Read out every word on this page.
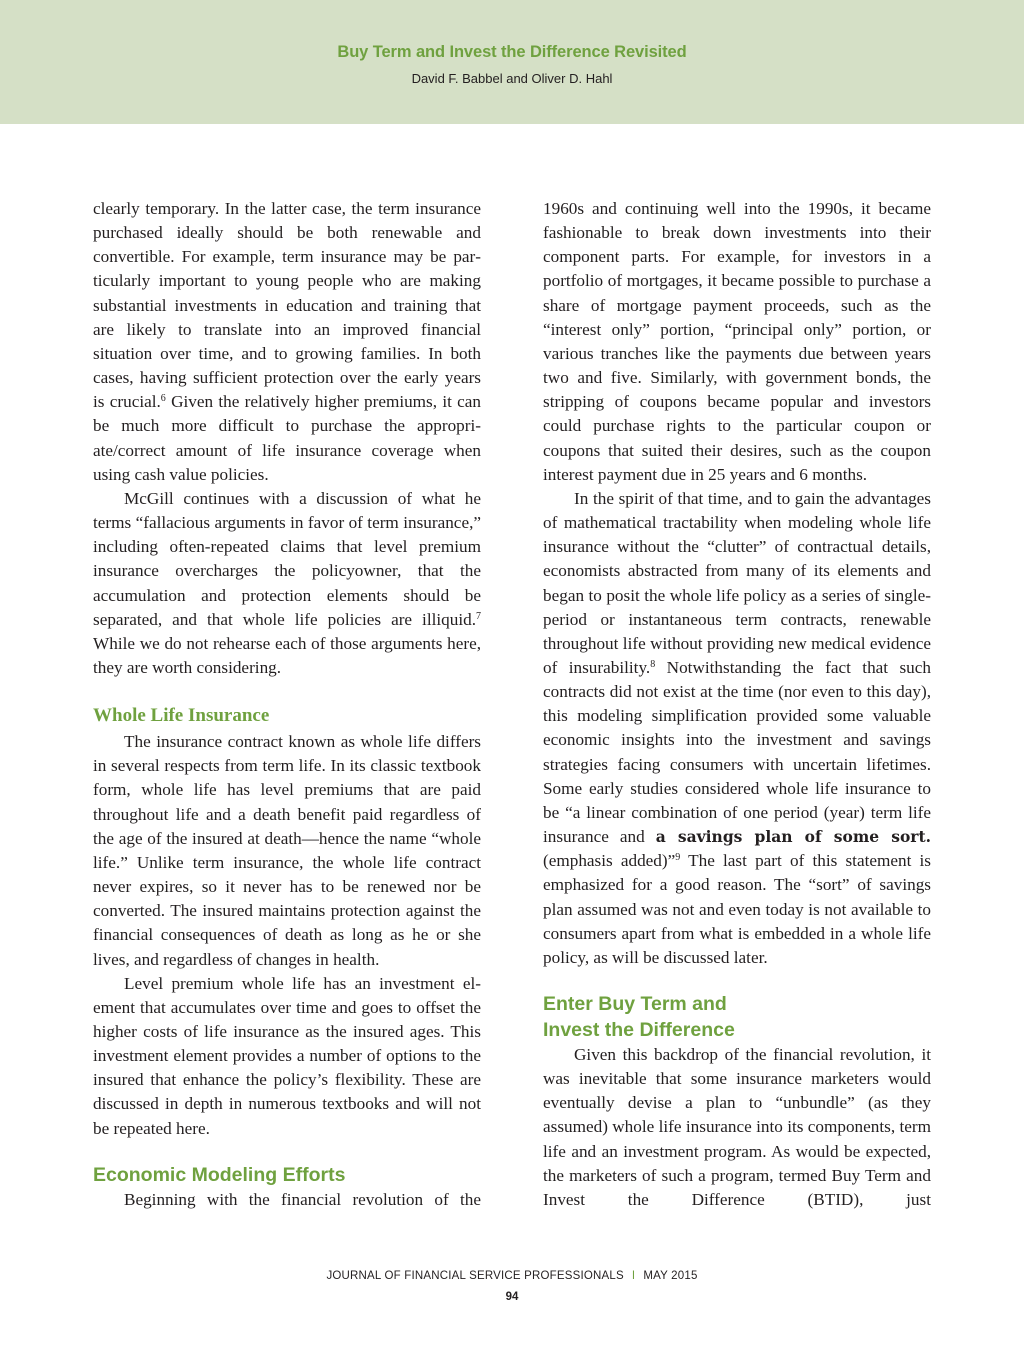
Buy Term and Invest the Difference Revisited
David F. Babbel and Oliver D. Hahl

clearly temporary. In the latter case, the term insurance purchased ideally should be both renewable and convertible. For example, term insurance may be particularly important to young people who are making substantial investments in education and training that are likely to translate into an improved financial situation over time, and to growing families. In both cases, having sufficient protection over the early years is crucial.$^6$ Given the relatively higher premiums, it can be much more difficult to purchase the appropriate/correct amount of life insurance coverage when using cash value policies.

McGill continues with a discussion of what he terms “fallacious arguments in favor of term insurance,” including often-repeated claims that level premium insurance overcharges the policyowner, that the accumulation and protection elements should be separated, and that whole life policies are illiquid.$^7$ While we do not rehearse each of those arguments here, they are worth considering.

Whole Life Insurance

The insurance contract known as whole life differs in several respects from term life. In its classic textbook form, whole life has level premiums that are paid throughout life and a death benefit paid regardless of the age of the insured at death—hence the name “whole life.” Unlike term insurance, the whole life contract never expires, so it never has to be renewed nor be converted. The insured maintains protection against the financial consequences of death as long as he or she lives, and regardless of changes in health.

Level premium whole life has an investment element that accumulates over time and goes to offset the higher costs of life insurance as the insured ages. This investment element provides a number of options to the insured that enhance the policy’s flexibility. These are discussed in depth in numerous textbooks and will not be repeated here.

Economic Modeling Efforts

Beginning with the financial revolution of the

1960s and continuing well into the 1990s, it became fashionable to break down investments into their component parts. For example, for investors in a portfolio of mortgages, it became possible to purchase a share of mortgage payment proceeds, such as the “interest only” portion, “principal only” portion, or various tranches like the payments due between years two and five. Similarly, with government bonds, the stripping of coupons became popular and investors could purchase rights to the particular coupon or coupons that suited their desires, such as the coupon interest payment due in 25 years and 6 months.

In the spirit of that time, and to gain the advantages of mathematical tractability when modeling whole life insurance without the “clutter” of contractual details, economists abstracted from many of its elements and began to posit the whole life policy as a series of single-period or instantaneous term contracts, renewable throughout life without providing new medical evidence of insurability.$^8$ Notwithstanding the fact that such contracts did not exist at the time (nor even to this day), this modeling simplification provided some valuable economic insights into the investment and savings strategies facing consumers with uncertain lifetimes. Some early studies considered whole life insurance to be “a linear combination of one period (year) term life insurance and a savings plan of some sort. (emphasis added)”$^9$ The last part of this statement is emphasized for a good reason. The “sort” of savings plan assumed was not and even today is not available to consumers apart from what is embedded in a whole life policy, as will be discussed later.

Enter Buy Term and
Invest the Difference

Given this backdrop of the financial revolution, it was inevitable that some insurance marketers would eventually devise a plan to “unbundle” (as they assumed) whole life insurance into its components, term life and an investment program. As would be expected, the marketers of such a program, termed Buy Term and Invest the Difference (BTID), just

JOURNAL OF FINANCIAL SERVICE PROFESSIONALS I MAY 2015
94
